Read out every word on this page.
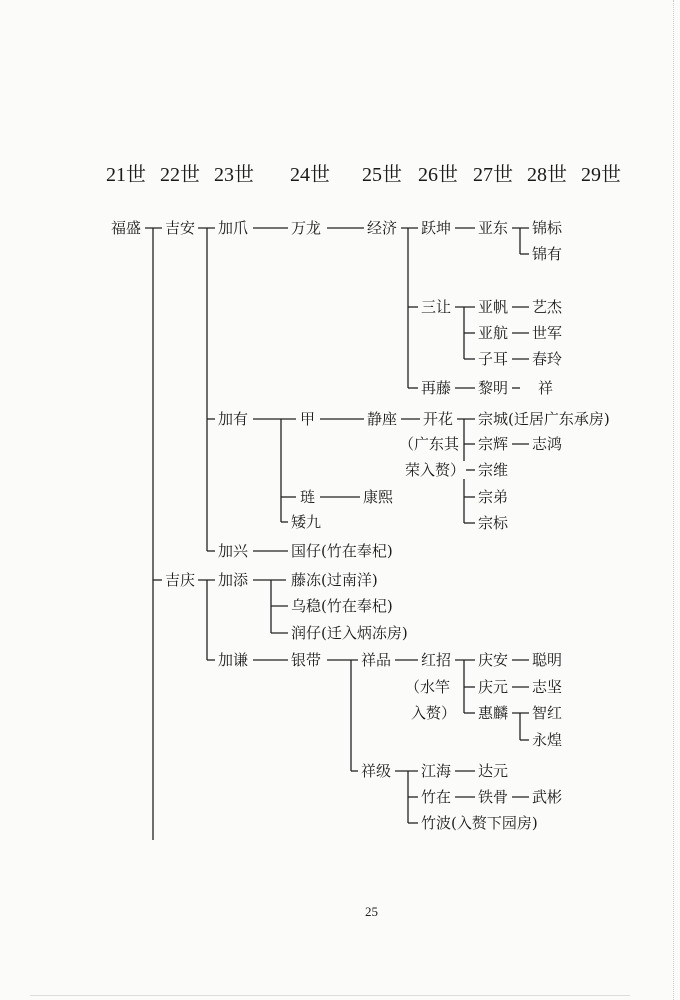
21世 22世 23世 24世 25世 26世 27世 28世 29世
福盛 吉安
吉庆
加爪
加有
加兴
加添
加谦
万龙
甲
琏
矮九
国仔(竹在奉杞)
藤冻(过南洋)
乌稳(竹在奉杞)
润仔(迁入炳冻房)
银带
经济
静座
康熙
祥品
祥级
跃坤
三让
再藤
开花
（广东其
荣入赘）
红招
（水竿
入赘）
江海
竹在
竹波(入赘下园房)
亚东
亚帆
亚航
子耳
黎明
宗城(迁居广东承房)
宗辉
宗维
宗弟
宗标
庆安
庆元
惠麟
达元
铁骨
锦标
锦有
艺杰
世军
春玲
祥
志鸿
聪明
志坚
智红
永煌
武彬
25
